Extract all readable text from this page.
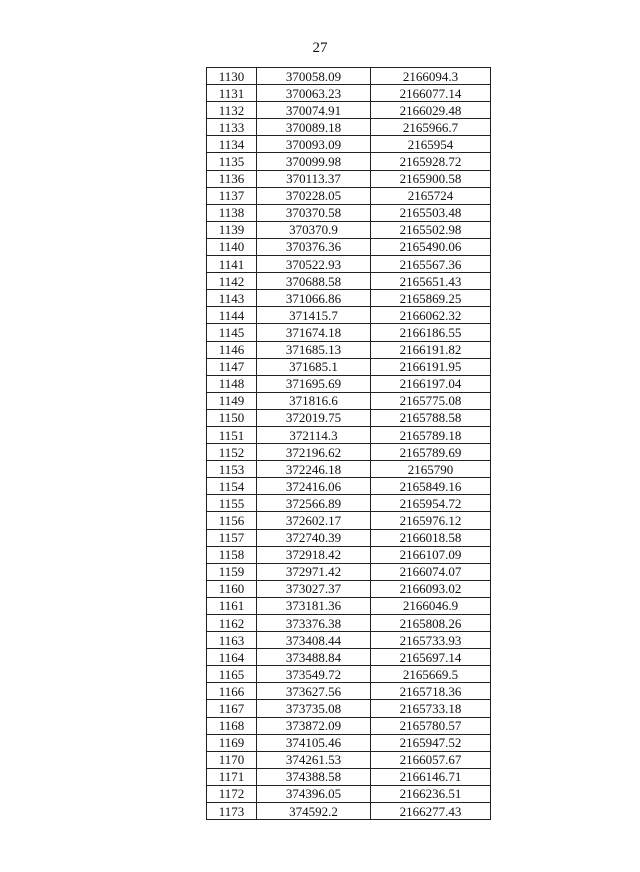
27
1130	370058.09	2166094.3
1131	370063.23	2166077.14
1132	370074.91	2166029.48
1133	370089.18	2165966.7
1134	370093.09	2165954
1135	370099.98	2165928.72
1136	370113.37	2165900.58
1137	370228.05	2165724
1138	370370.58	2165503.48
1139	370370.9	2165502.98
1140	370376.36	2165490.06
1141	370522.93	2165567.36
1142	370688.58	2165651.43
1143	371066.86	2165869.25
1144	371415.7	2166062.32
1145	371674.18	2166186.55
1146	371685.13	2166191.82
1147	371685.1	2166191.95
1148	371695.69	2166197.04
1149	371816.6	2165775.08
1150	372019.75	2165788.58
1151	372114.3	2165789.18
1152	372196.62	2165789.69
1153	372246.18	2165790
1154	372416.06	2165849.16
1155	372566.89	2165954.72
1156	372602.17	2165976.12
1157	372740.39	2166018.58
1158	372918.42	2166107.09
1159	372971.42	2166074.07
1160	373027.37	2166093.02
1161	373181.36	2166046.9
1162	373376.38	2165808.26
1163	373408.44	2165733.93
1164	373488.84	2165697.14
1165	373549.72	2165669.5
1166	373627.56	2165718.36
1167	373735.08	2165733.18
1168	373872.09	2165780.57
1169	374105.46	2165947.52
1170	374261.53	2166057.67
1171	374388.58	2166146.71
1172	374396.05	2166236.51
1173	374592.2	2166277.43
